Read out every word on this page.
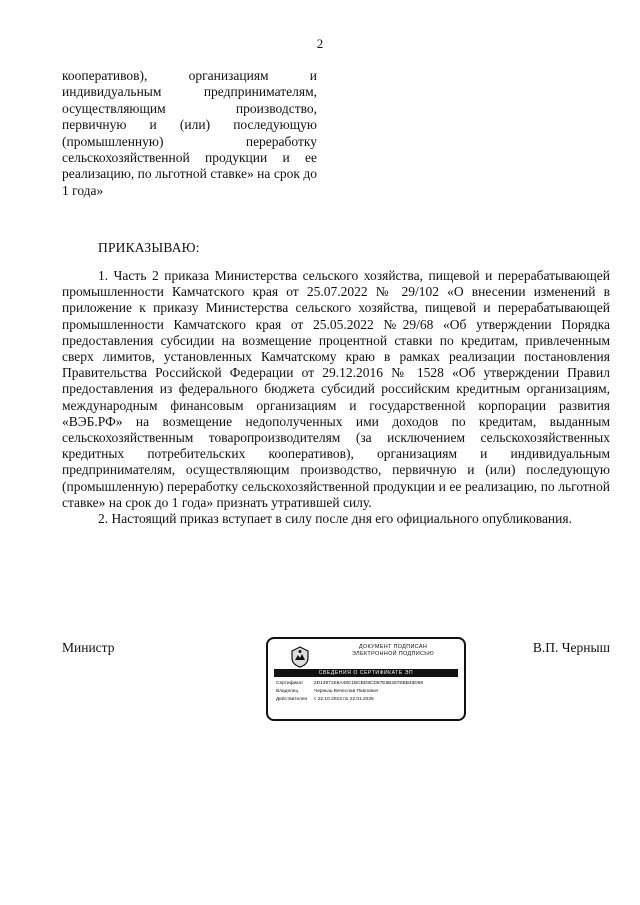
2
кооперативов), организациям и индивидуальным предпринимателям, осуществляющим производство, первичную и (или) последующую (промышленную) переработку сельскохозяйственной продукции и ее реализацию, по льготной ставке» на срок до 1 года»
ПРИКАЗЫВАЮ:

1. Часть 2 приказа Министерства сельского хозяйства, пищевой и перерабатывающей промышленности Камчатского края от 25.07.2022 № 29/102 «О внесении изменений в приложение к приказу Министерства сельского хозяйства, пищевой и перерабатывающей промышленности Камчатского края от 25.05.2022 №29/68 «Об утверждении Порядка предоставления субсидии на возмещение процентной ставки по кредитам, привлеченным сверх лимитов, установленных Камчатскому краю в рамках реализации постановления Правительства Российской Федерации от 29.12.2016 № 1528 «Об утверждении Правил предоставления из федерального бюджета субсидий российским кредитным организациям, международным финансовым организациям и государственной корпорации развития «ВЭБ.РФ» на возмещение недополученных ими доходов по кредитам, выданным сельскохозяйственным товаропроизводителям (за исключением сельскохозяйственных кредитных потребительских кооперативов), организациям и индивидуальным предпринимателям, осуществляющим производство, первичную и (или) последующую (промышленную) переработку сельскохозяйственной продукции и ее реализацию, по льготной ставке» на срок до 1 года» признать утратившей силу.

2. Настоящий приказ вступает в силу после дня его официального опубликования.

Министр	ДОКУМЕНТ ПОДПИСАН
ЭЛЕКТРОННОЙ ПОДПИСЬЮ
СВЕДЕНИЯ О СЕРТИФИКАТЕ ЭП
Сертификат	2D13971E8A48C1BCBD8CD87E5B267EBB48D59
Владелец	Черныш Вячеслав Павлович
Действителен	с 22.10.2023 по 22.01.2025
В.П. Черныш
